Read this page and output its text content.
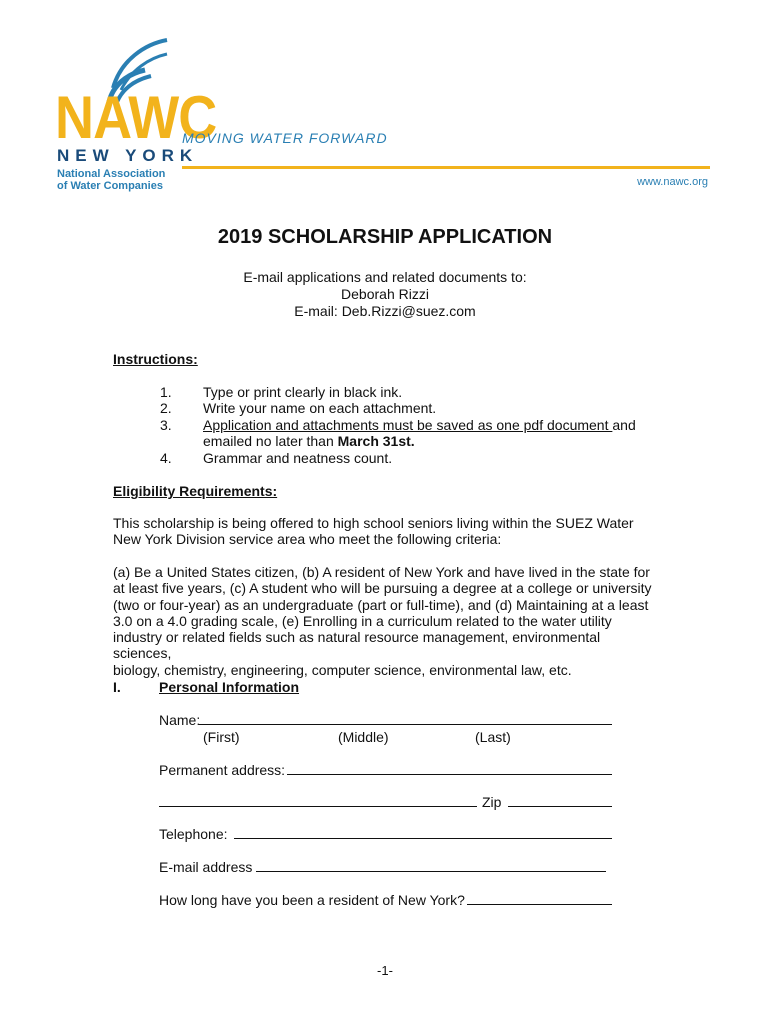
NAWC
NEW YORK
National Association
of Water Companies
MOVING WATER FORWARD
www.nawc.org
2019 SCHOLARSHIP APPLICATION
E-mail applications and related documents to:
Deborah Rizzi
E-mail: Deb.Rizzi@suez.com
Instructions:
1. Type or print clearly in black ink.
2. Write your name on each attachment.
3. Application and attachments must be saved as one pdf document and
emailed no later than March 31st.
4. Grammar and neatness count.
Eligibility Requirements:
This scholarship is being offered to high school seniors living within the SUEZ Water
New York Division service area who meet the following criteria:
(a) Be a United States citizen, (b) A resident of New York and have lived in the state for
at least five years, (c) A student who will be pursuing a degree at a college or university
(two or four-year) as an undergraduate (part or full-time), and (d) Maintaining at a least
3.0 on a 4.0 grading scale, (e) Enrolling in a curriculum related to the water utility
industry or related fields such as natural resource management, environmental sciences,
biology, chemistry, engineering, computer science, environmental law, etc.
I.	Personal Information
Name:
(First)	(Middle)	(Last)
Permanent address:
Zip
Telephone:
E-mail address
How long have you been a resident of New York?
-1-
